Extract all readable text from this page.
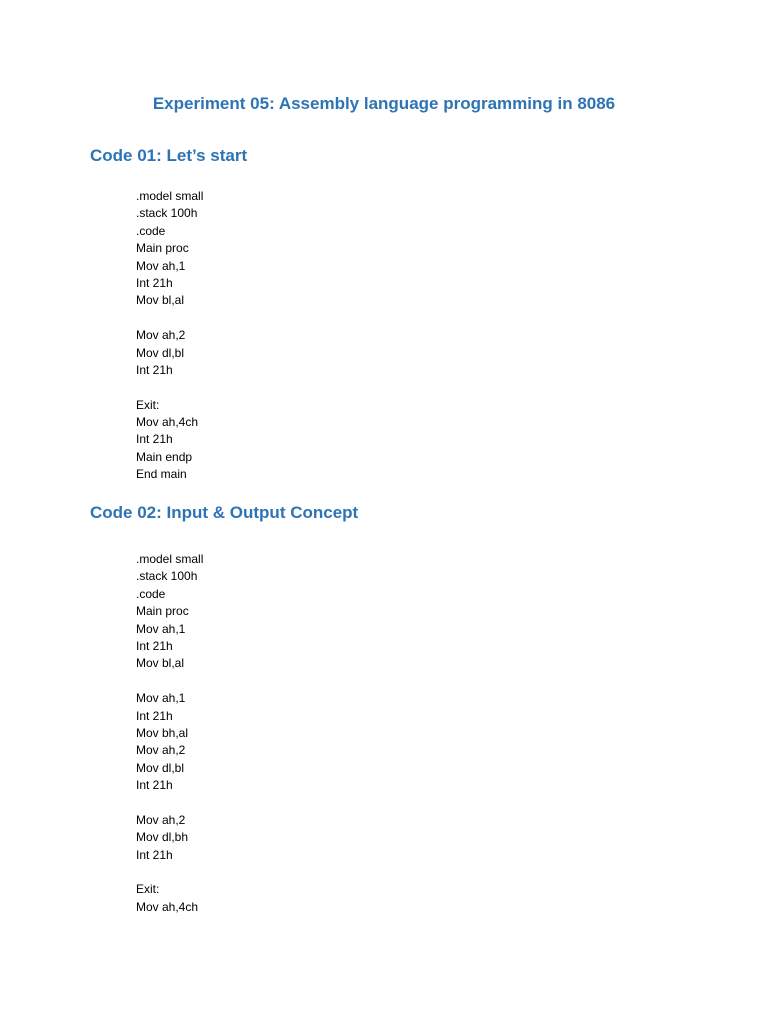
Experiment 05: Assembly language programming in 8086
Code 01: Let’s start
.model small
.stack 100h
.code
Main proc
Mov ah,1
Int 21h
Mov bl,al
Mov ah,2
Mov dl,bl
Int 21h
Exit:
Mov ah,4ch
Int 21h
Main endp
End main
Code 02: Input & Output Concept
.model small
.stack 100h
.code
Main proc
Mov ah,1
Int 21h
Mov bl,al
Mov ah,1
Int 21h
Mov bh,al
Mov ah,2
Mov dl,bl
Int 21h
Mov ah,2
Mov dl,bh
Int 21h
Exit:
Mov ah,4ch
